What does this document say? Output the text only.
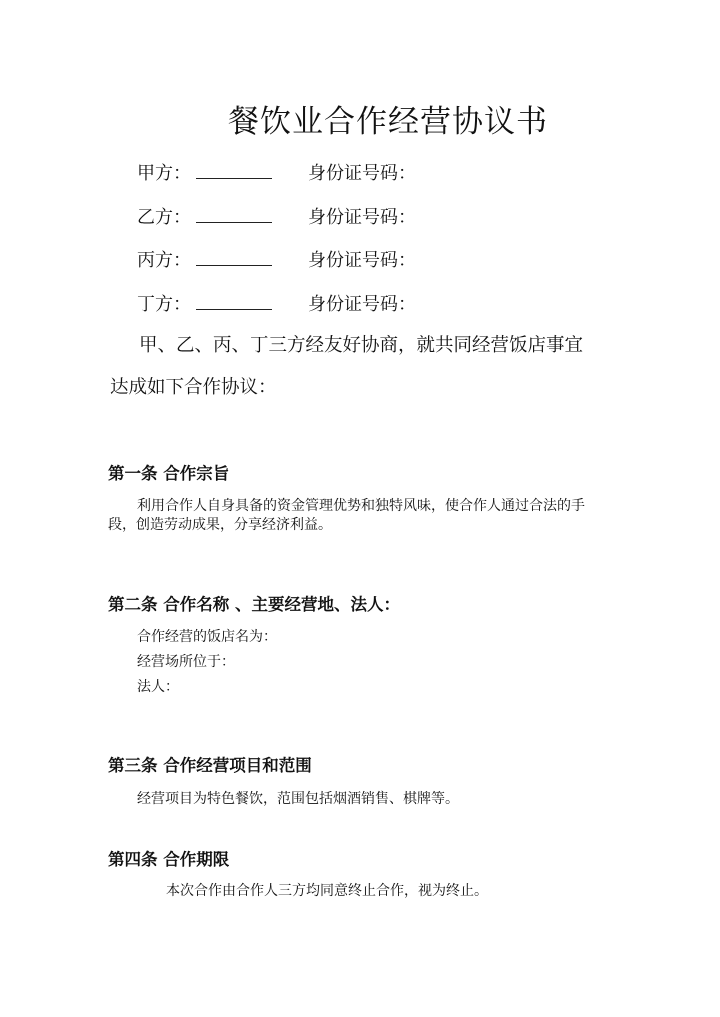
餐饮业合作经营协议书
甲方：	身份证号码：
乙方：	身份证号码：
丙方：	身份证号码：
丁方：	身份证号码：
甲、乙、丙、丁三方经友好协商，就共同经营饭店事宜
达成如下合作协议：
第一条 合作宗旨
利用合作人自身具备的资金管理优势和独特风味，使合作人通过合法的手
段，创造劳动成果，分享经济利益。
第二条 合作名称 、主要经营地、法人：
合作经营的饭店名为：
经营场所位于：
法人：
第三条 合作经营项目和范围
经营项目为特色餐饮，范围包括烟酒销售、棋牌等。
第四条 合作期限
本次合作由合作人三方均同意终止合作，视为终止。
